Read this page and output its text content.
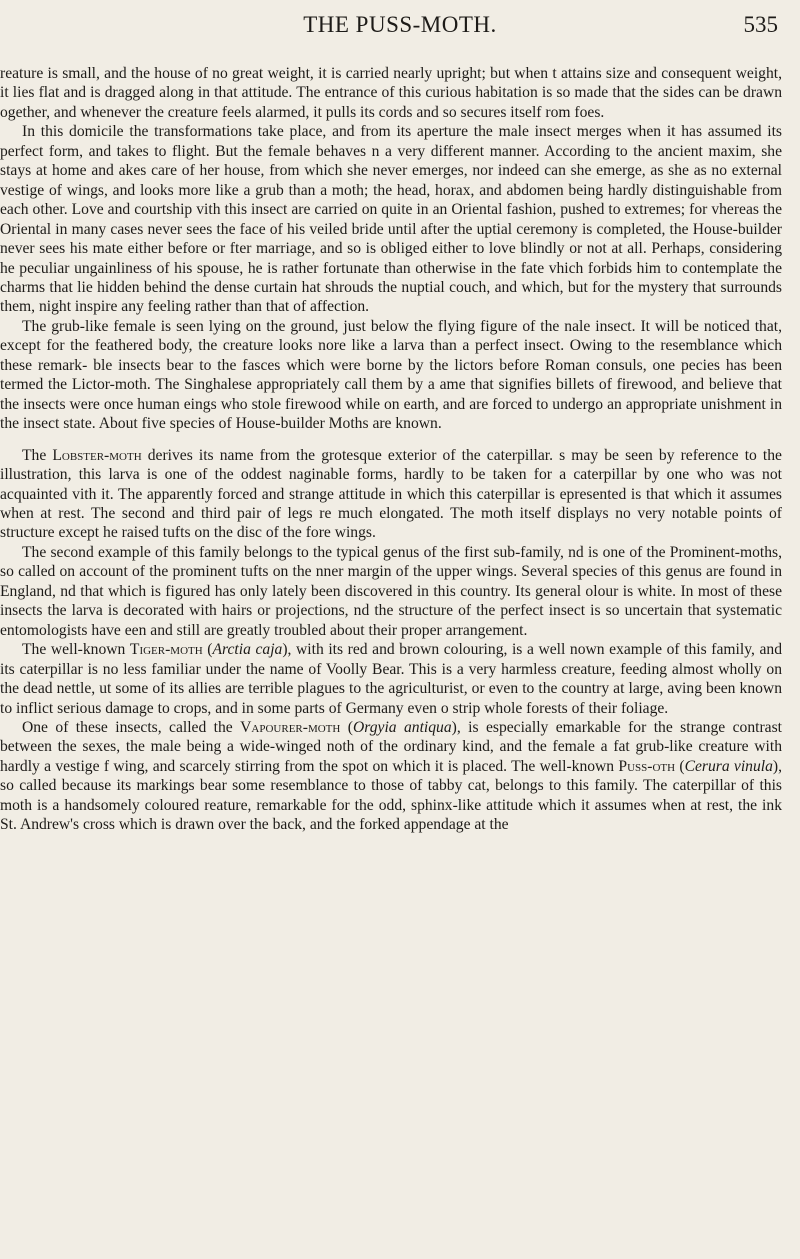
THE PUSS-MOTH.	535

reature is small, and the house of no great weight, it is carried nearly upright; but when t attains size and consequent weight, it lies flat and is dragged along in that attitude. The entrance of this curious habitation is so made that the sides can be drawn ogether, and whenever the creature feels alarmed, it pulls its cords and so secures itself rom foes.

In this domicile the transformations take place, and from its aperture the male insect merges when it has assumed its perfect form, and takes to flight. But the female behaves n a very different manner. According to the ancient maxim, she stays at home and akes care of her house, from which she never emerges, nor indeed can she emerge, as she as no external vestige of wings, and looks more like a grub than a moth; the head, horax, and abdomen being hardly distinguishable from each other. Love and courtship vith this insect are carried on quite in an Oriental fashion, pushed to extremes; for vhereas the Oriental in many cases never sees the face of his veiled bride until after the uptial ceremony is completed, the House-builder never sees his mate either before or fter marriage, and so is obliged either to love blindly or not at all. Perhaps, considering he peculiar ungainliness of his spouse, he is rather fortunate than otherwise in the fate vhich forbids him to contemplate the charms that lie hidden behind the dense curtain hat shrouds the nuptial couch, and which, but for the mystery that surrounds them, night inspire any feeling rather than that of affection.

The grub-like female is seen lying on the ground, just below the flying figure of the nale insect. It will be noticed that, except for the feathered body, the creature looks nore like a larva than a perfect insect. Owing to the resemblance which these remark- ble insects bear to the fasces which were borne by the lictors before Roman consuls, one pecies has been termed the Lictor-moth. The Singhalese appropriately call them by a ame that signifies billets of firewood, and believe that the insects were once human eings who stole firewood while on earth, and are forced to undergo an appropriate unishment in the insect state. About five species of House-builder Moths are known.

The Lobster-moth derives its name from the grotesque exterior of the caterpillar. s may be seen by reference to the illustration, this larva is one of the oddest naginable forms, hardly to be taken for a caterpillar by one who was not acquainted vith it. The apparently forced and strange attitude in which this caterpillar is epresented is that which it assumes when at rest. The second and third pair of legs re much elongated. The moth itself displays no very notable points of structure except he raised tufts on the disc of the fore wings.

The second example of this family belongs to the typical genus of the first sub-family, nd is one of the Prominent-moths, so called on account of the prominent tufts on the nner margin of the upper wings. Several species of this genus are found in England, nd that which is figured has only lately been discovered in this country. Its general olour is white. In most of these insects the larva is decorated with hairs or projections, nd the structure of the perfect insect is so uncertain that systematic entomologists have een and still are greatly troubled about their proper arrangement.

The well-known Tiger-moth (Arctia caja), with its red and brown colouring, is a well nown example of this family, and its caterpillar is no less familiar under the name of Voolly Bear. This is a very harmless creature, feeding almost wholly on the dead nettle, ut some of its allies are terrible plagues to the agriculturist, or even to the country at large, aving been known to inflict serious damage to crops, and in some parts of Germany even o strip whole forests of their foliage.

One of these insects, called the Vapourer-moth (Orgyia antiqua), is especially emarkable for the strange contrast between the sexes, the male being a wide-winged noth of the ordinary kind, and the female a fat grub-like creature with hardly a vestige f wing, and scarcely stirring from the spot on which it is placed. The well-known Puss-oth (Cerura vinula), so called because its markings bear some resemblance to those of tabby cat, belongs to this family. The caterpillar of this moth is a handsomely coloured reature, remarkable for the odd, sphinx-like attitude which it assumes when at rest, the ink St. Andrew's cross which is drawn over the back, and the forked appendage at the
